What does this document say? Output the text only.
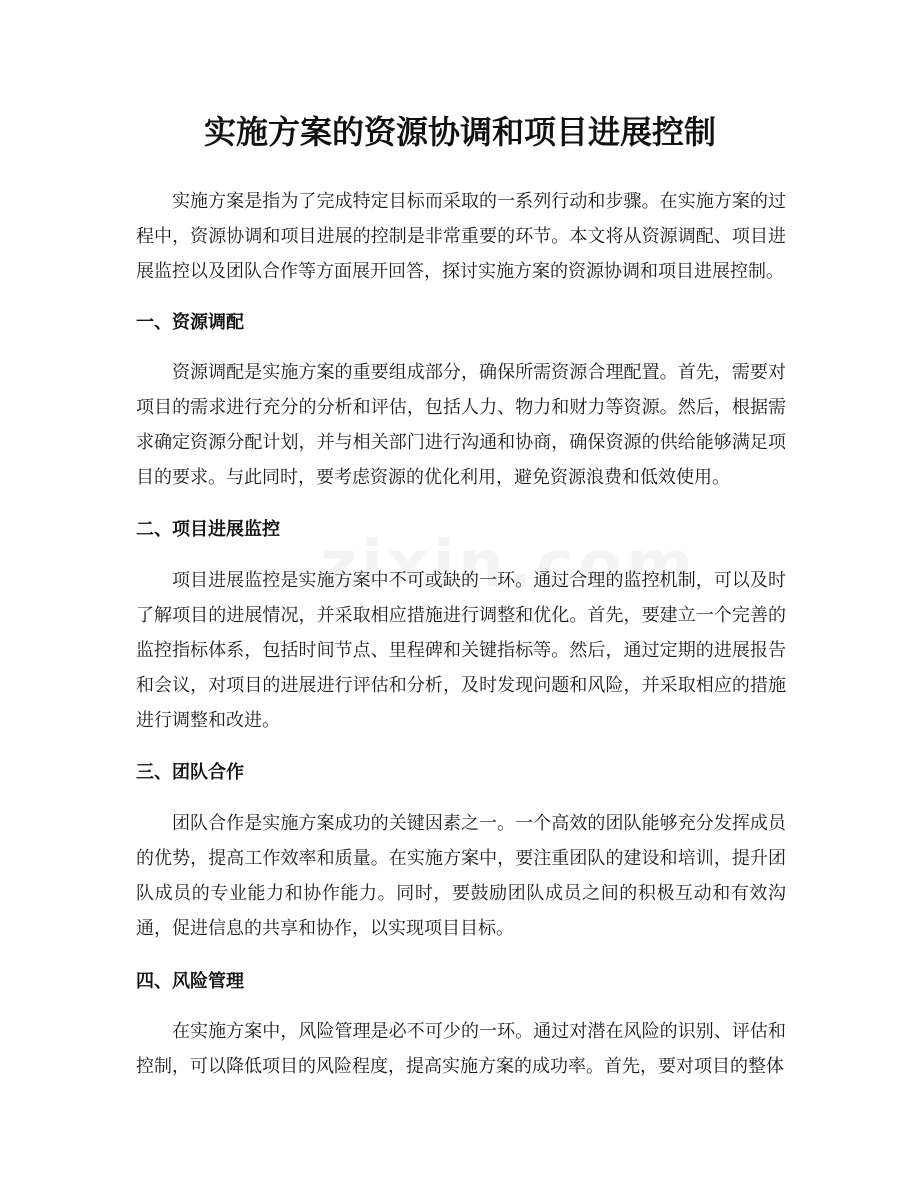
实施方案的资源协调和项目进展控制

实施方案是指为了完成特定目标而采取的一系列行动和步骤。在实施方案的过程中，资源协调和项目进展的控制是非常重要的环节。本文将从资源调配、项目进展监控以及团队合作等方面展开回答，探讨实施方案的资源协调和项目进展控制。

一、资源调配

资源调配是实施方案的重要组成部分，确保所需资源合理配置。首先，需要对项目的需求进行充分的分析和评估，包括人力、物力和财力等资源。然后，根据需求确定资源分配计划，并与相关部门进行沟通和协商，确保资源的供给能够满足项目的要求。与此同时，要考虑资源的优化利用，避免资源浪费和低效使用。

二、项目进展监控

项目进展监控是实施方案中不可或缺的一环。通过合理的监控机制，可以及时了解项目的进展情况，并采取相应措施进行调整和优化。首先，要建立一个完善的监控指标体系，包括时间节点、里程碑和关键指标等。然后，通过定期的进展报告和会议，对项目的进展进行评估和分析，及时发现问题和风险，并采取相应的措施进行调整和改进。

三、团队合作

团队合作是实施方案成功的关键因素之一。一个高效的团队能够充分发挥成员的优势，提高工作效率和质量。在实施方案中，要注重团队的建设和培训，提升团队成员的专业能力和协作能力。同时，要鼓励团队成员之间的积极互动和有效沟通，促进信息的共享和协作，以实现项目目标。

四、风险管理

在实施方案中，风险管理是必不可少的一环。通过对潜在风险的识别、评估和控制，可以降低项目的风险程度，提高实施方案的成功率。首先，要对项目的整体
